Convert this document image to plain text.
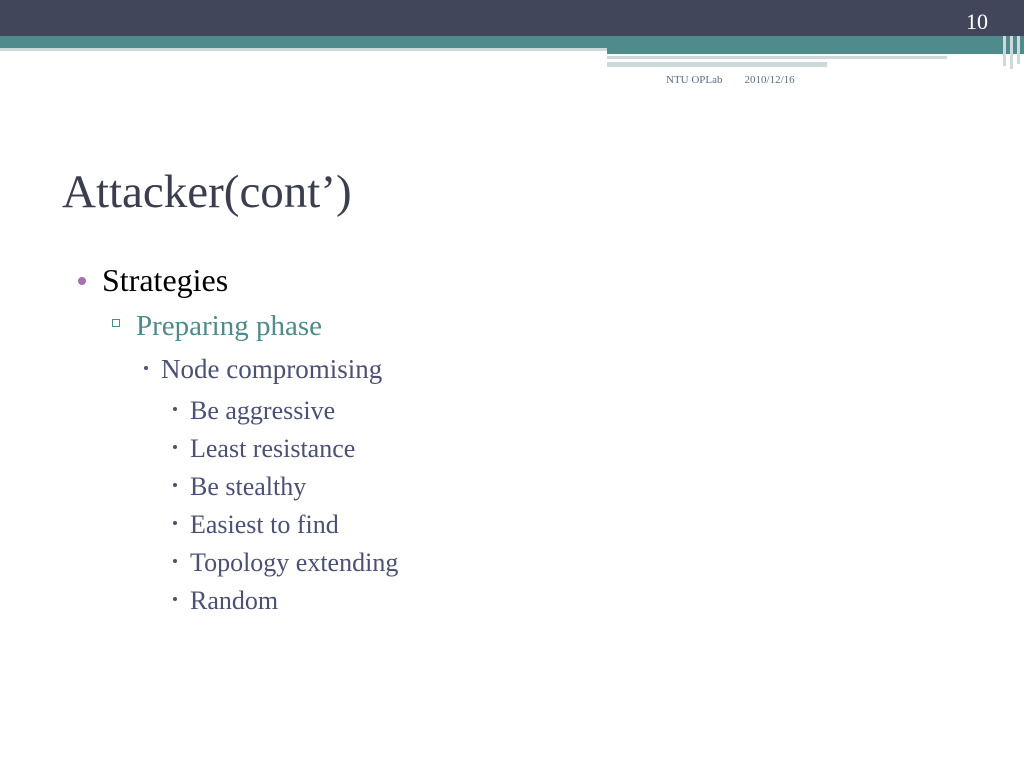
10
NTU OPLab 2010/12/16
Attacker(cont’)
Strategies
Preparing phase
Node compromising
Be aggressive
Least resistance
Be stealthy
Easiest to find
Topology extending
Random
